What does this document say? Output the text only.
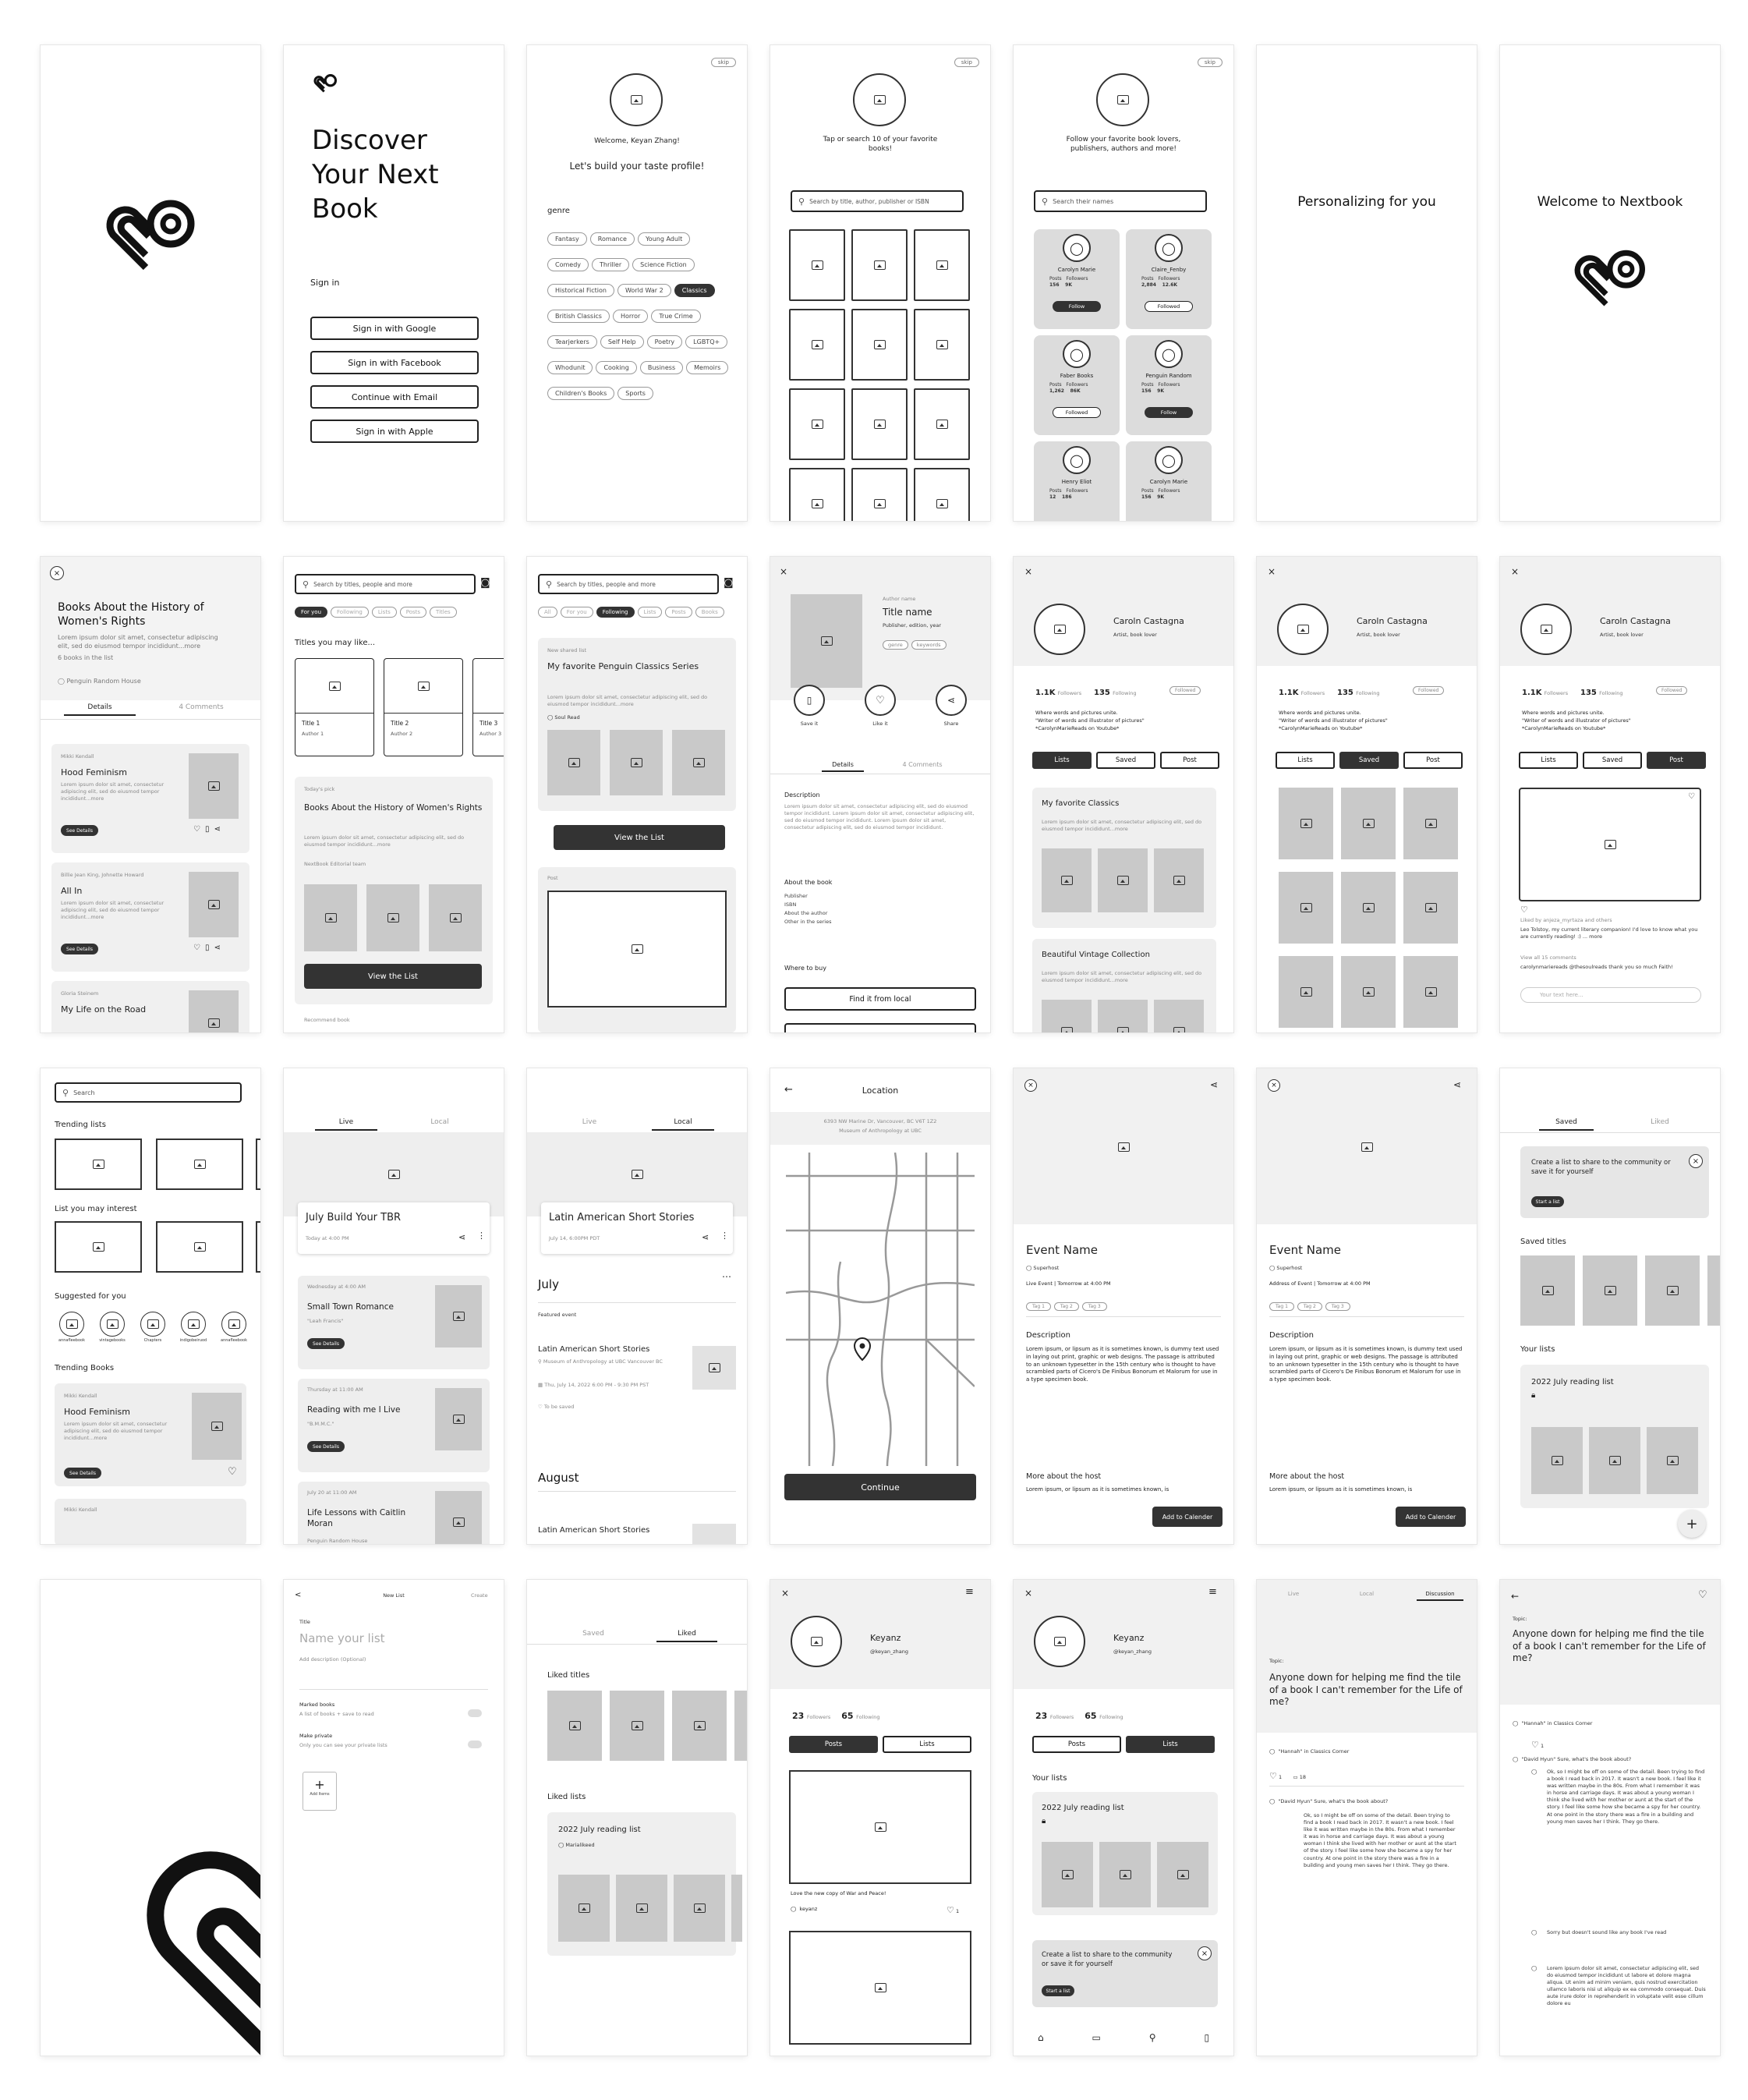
Discover
Your Next
Book
Sign in
Sign in with Google
Sign in with Facebook
Continue with Email
Sign in with Apple
skip
Welcome, Keyan Zhang!
Let's build your taste profile!
genre
Fantasy	Romance	Young AdultComedy	Thriller	Science FictionHistorical Fiction	World War 2	ClassicsBritish Classics	Horror	True CrimeTearjerkers	Self Help	Poetry	LGBTQ+Whodunit	Cooking	Business	MemoirsChildren's Books	Sports
skip
Tap or search 10 of your favorite books!
⚲ Search by title, author, publisher or ISBN
skip
Follow your favorite book lovers, publishers, authors and more!
⚲ Search their names
◯
Carolyn Marie
Posts Followers
156 9K
Follow
◯
Claire_Fenby
Posts Followers
2,884 12.6K
Followed
◯
Faber Books
Posts Followers
1,262 86K
Followed
◯
Penguin Random
Posts Followers
156 9K
Follow
◯
Henry Eliot
Posts Followers
12 186
◯
Carolyn Marie
Posts Followers
156 9K
Personalizing for you	Welcome to Nextbook
×
Books About the History of Women's Rights
Lorem ipsum dolor sit amet, consectetur adipiscing elit, sed do eiusmod tempor incididunt...more
6 books in the list
◯ Penguin Random House
Details	4 Comments
Mikki Kendall
Hood Feminism
Lorem ipsum dolor sit amet, consectetur adipiscing elit, sed do eiusmod tempor incididunt...more
See Details	♡▯⋖
Billie Jean King, Johnette Howard
All In
Lorem ipsum dolor sit amet, consectetur adipiscing elit, sed do eiusmod tempor incididunt...more
See Details	♡▯⋖
Gloria Steinem
My Life on the Road
⚲ Search by titles, people and more	◙
For you	Following	Lists	Posts	Titles
Titles you may like...
Title 1
Author 1
Title 2
Author 2
Title 3
Author 3
Today's pick
Books About the History of Women's Rights
Lorem ipsum dolor sit amet, consectetur adipiscing elit, sed do eiusmod tempor incididunt...more
NextBook Editorial team
View the List
Recommend book
⚲ Search by titles, people and more	◙
All	For you	Following	Lists	Posts	Books
New shared list
My favorite Penguin Classics Series
Lorem ipsum dolor sit amet, consectetur adipiscing elit, sed do eiusmod tempor incididunt...more
◯ Soul Read
View the List
Post
×
Author name
Title name
Publisher, edition, year
genre	keywords
▯
Save it
♡
Like it
⋖
Share
Details	4 Comments
Description
Lorem ipsum dolor sit amet, consectetur adipiscing elit, sed do eiusmod tempor incididunt. Lorem ipsum dolor sit amet, consectetur adipiscing elit, sed do eiusmod tempor incididunt. Lorem ipsum dolor sit amet, consectetur adipiscing elit, sed do eiusmod tempor incididunt.
About the book
Publisher
ISBN
About the author
Other in the series
Where to buy
Find it from local
×
Caroln Castagna
Artist, book lover
1.1K Followers 135 Following	Followed
Where words and pictures unite.
"Writer of words and illustrator of pictures"
*CarolynMarieReads on Youtube*
Lists	Saved	Post
My favorite Classics
Lorem ipsum dolor sit amet, consectetur adipiscing elit, sed do eiusmod tempor incididunt...more
Beautiful Vintage Collection
Lorem ipsum dolor sit amet, consectetur adipiscing elit, sed do eiusmod tempor incididunt...more
×
Caroln Castagna
Artist, book lover
1.1K Followers 135 Following	Followed
Where words and pictures unite.
"Writer of words and illustrator of pictures"
*CarolynMarieReads on Youtube*
Lists	Saved	Post
×
Caroln Castagna
Artist, book lover
1.1K Followers 135 Following	Followed
Where words and pictures unite.
"Writer of words and illustrator of pictures"
*CarolynMarieReads on Youtube*
Lists	Saved	Post
♡
♡
Liked by anjeza_myrtaza and others
Leo Tolstoy, my current literary companion! I'd love to know what you are currently reading! :) ... more
View all 15 comments
carolynmariereads @thesoulreads thank you so much Faith!
Your text here...
⚲ Search
Trending lists
List you may interest
Suggested for you
annafleebook	vintagebooks	Chapters	indigobeiruod	annafleebook
Trending Books
Mikki Kendall
Hood Feminism
Lorem ipsum dolor sit amet, consectetur adipiscing elit, sed do eiusmod tempor incididunt...more
See Details	♡
Mikki Kendall
Live	Local
July Build Your TBR
Today at 4:00 PM	⋖ ⋮
Wednesday at 4:00 AM
Small Town Romance
"Leah Francis"
See Details
Thursday at 11:00 AM
Reading with me I Live
"B.M.M.C."
See Details
July 20 at 11:00 AM
Life Lessons with Caitlin Moran
Penguin Random House
Live	Local
Latin American Short Stories
July 14, 6:00PM PDT	⋖ ⋮
July
⋯
Featured event
Latin American Short Stories
⚲ Museum of Anthropology at UBC Vancouver BC
▦ Thu, July 14, 2022 6:00 PM - 9:30 PM PST
♡ To be saved
August
Latin American Short Stories
←	Location
6393 NW Marine Dr, Vancouver, BC V6T 1Z2
Museum of Anthropology at UBC
Continue
×	⋖
Event Name
◯ Superhost
Live Event | Tomorrow at 4:00 PM
Tag 1	Tag 2	Tag 3
Description
Lorem ipsum, or lipsum as it is sometimes known, is dummy text used in laying out print, graphic or web designs. The passage is attributed to an unknown typesetter in the 15th century who is thought to have scrambled parts of Cicero's De Finibus Bonorum et Malorum for use in a type specimen book.
More about the host
Lorem ipsum, or lipsum as it is sometimes known, is
Add to Calender
×	⋖
Event Name
◯ Superhost
Address of Event | Tomorrow at 4:00 PM
Tag 1	Tag 2	Tag 3
Description
Lorem ipsum, or lipsum as it is sometimes known, is dummy text used in laying out print, graphic or web designs. The passage is attributed to an unknown typesetter in the 15th century who is thought to have scrambled parts of Cicero's De Finibus Bonorum et Malorum for use in a type specimen book.
More about the host
Lorem ipsum, or lipsum as it is sometimes known, is
Add to Calender
Saved	Liked
Create a list to share to the community or save it for yourself
Start a list
×
Saved titles
Your lists
2022 July reading list
🔒︎
+
<	New List	Create
Title
Name your list
Add description (Optional)
Marked books
A list of books + save to read
Make private
Only you can see your private lists
+
Add Items
Saved	Liked
Liked titles
Liked lists
2022 July reading list
◯ Marialikeed
×	≡
Keyanz
@keyan_zhang
23 Followers 65 Following
Posts	Lists
Love the new copy of War and Peace!
◯  keyanz	♡ 1
×	≡
Keyanz
@keyan_zhang
23 Followers 65 Following
Posts	Lists
Your lists
2022 July reading list
🔒︎
Create a list to share to the community or save it for yourself
Start a list
×
⌂	▭	⚲	▯
Live	Local	Discussion
Topic:
Anyone down for helping me find the tile of a book I can't remember for the Life of me?
◯  "Hannah" in Classics Corner
♡ 1       ▭ 18
◯  "David Hyun" Sure, what's the book about?
Ok, so I might be off on some of the detail. Been trying to find a book I read back in 2017. It wasn't a new book. I feel like it was written maybe in the 80s. From what I remember it was in horse and carriage days. It was about a young woman I think she lived with her mother or aunt at the start of the story. I feel like some how she became a spy for her country. At one point in the story there was a fire in a building and young men saves her I think. They go there.
←	♡
Topic:
Anyone down for helping me find the tile of a book I can't remember for the Life of me?
◯  "Hannah" in Classics Corner
♡ 1
◯  "David Hyun" Sure, what's the book about?
◯ Ok, so I might be off on some of the detail. Been trying to find a book I read back in 2017. It wasn't a new book. I feel like it was written maybe in the 80s. From what I remember it was in horse and carriage days. It was about a young woman I think she lived with her mother or aunt at the start of the story. I feel like some how she became a spy for her country. At one point in the story there was a fire in a building and young men saves her I think. They go there.
◯ Sorry but doesn't sound like any book I've read
◯ Lorem ipsum dolor sit amet, consectetur adipiscing elit, sed do eiusmod tempor incididunt ut labore et dolore magna aliqua. Ut enim ad minim veniam, quis nostrud exercitation ullamco laboris nisi ut aliquip ex ea commodo consequat. Duis aute irure dolor in reprehenderit in voluptate velit esse cillum dolore eu
